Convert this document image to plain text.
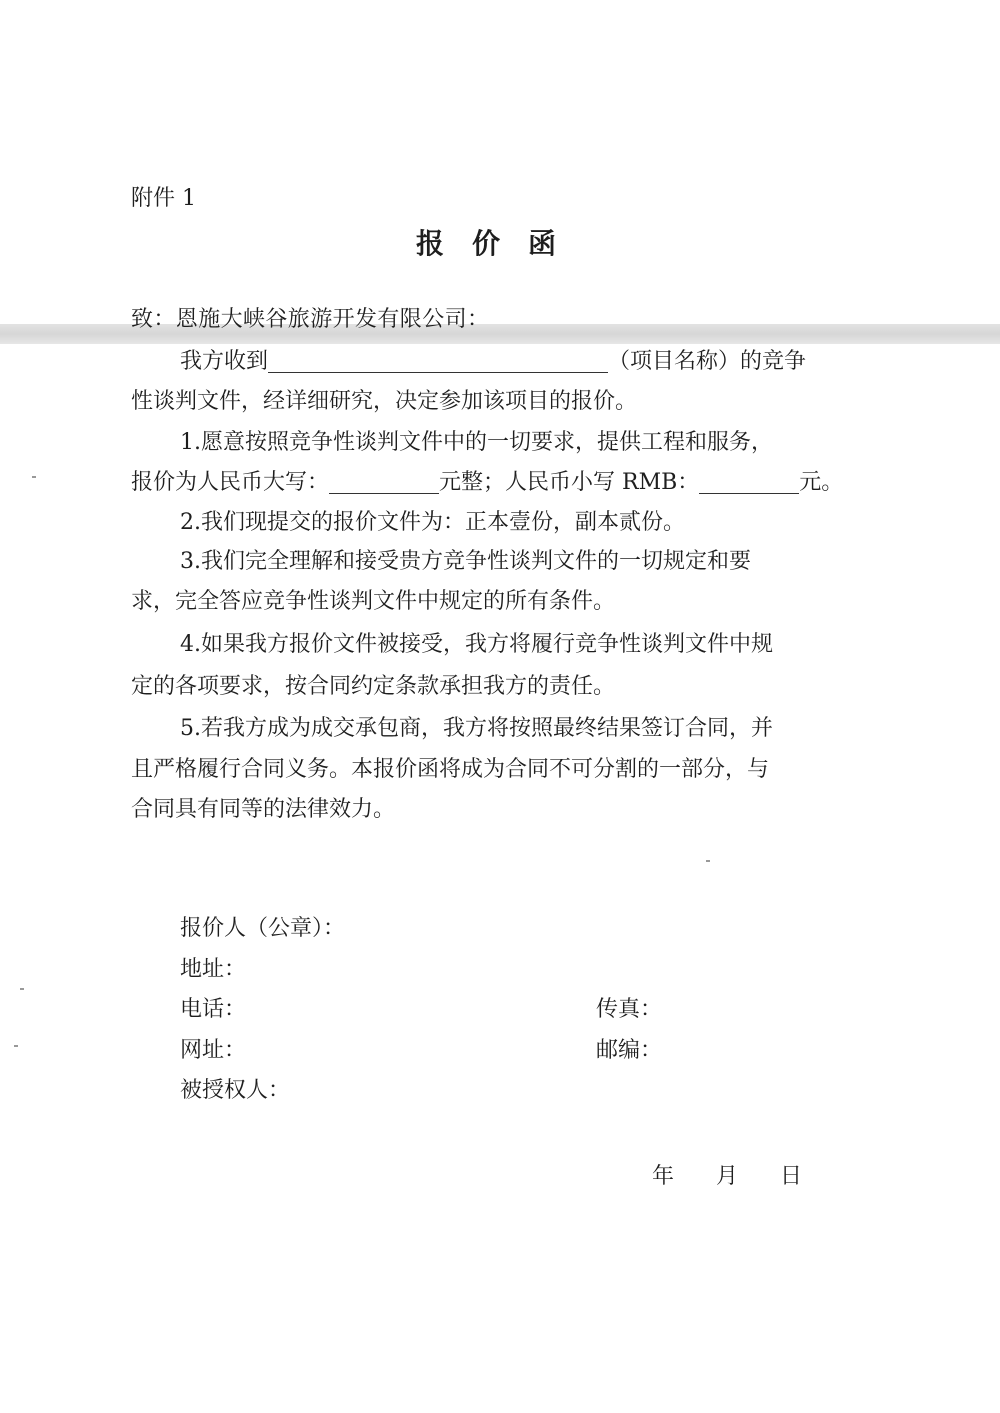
附件 1
报价函
致：恩施大峡谷旅游开发有限公司：
我方收到	（项目名称）的竞争
性谈判文件，经详细研究，决定参加该项目的报价。
1.愿意按照竞争性谈判文件中的一切要求，提供工程和服务，
报价为人民币大写：	元整；人民币小写 RMB：	元。
2.我们现提交的报价文件为：正本壹份，副本贰份。
3.我们完全理解和接受贵方竞争性谈判文件的一切规定和要
求，完全答应竞争性谈判文件中规定的所有条件。
4.如果我方报价文件被接受，我方将履行竞争性谈判文件中规
定的各项要求，按合同约定条款承担我方的责任。
5.若我方成为成交承包商，我方将按照最终结果签订合同，并
且严格履行合同义务。本报价函将成为合同不可分割的一部分，与
合同具有同等的法律效力。
报价人（公章）：
地址：
电话：	传真：
网址：	邮编：
被授权人：
年 月 日
